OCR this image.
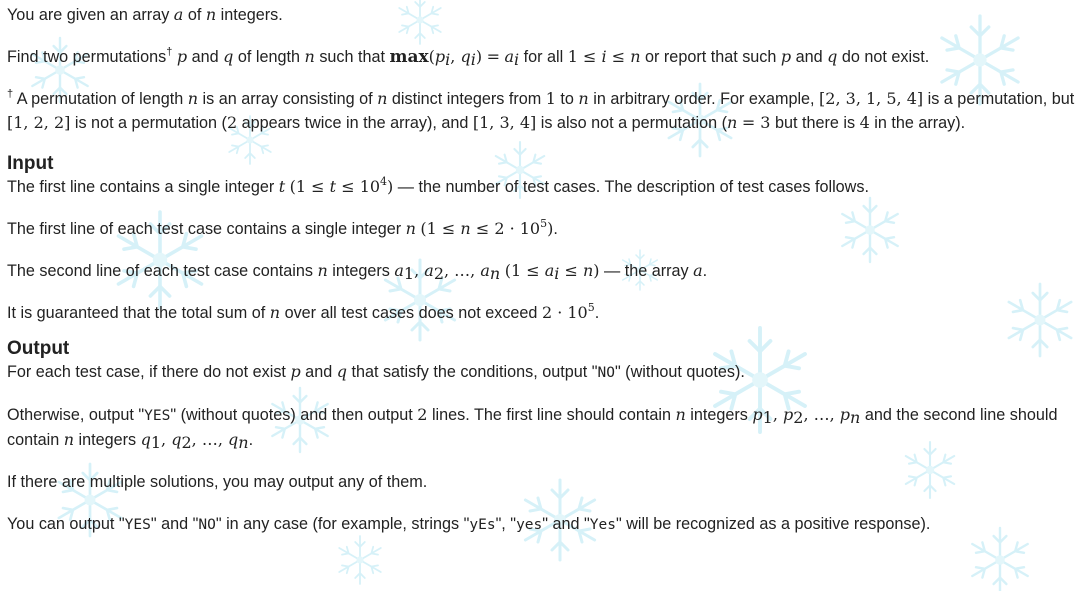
You are given an array a of n integers.

Find two permutations† p and q of length n such that $\max(p_i$, $q_i) = a_i$ for all 1 ≤ i ≤ n or report that such p and q do not exist.

† A permutation of length n is an array consisting of n distinct integers from 1 to n in arbitrary order. For example, [2, 3, 1, 5, 4] is a permutation, but [1, 2, 2] is not a permutation (2 appears twice in the array), and [1, 3, 4] is also not a permutation (n = 3 but there is 4 in the array).

Input

The first line contains a single integer t $(1 \le t \le 10^4)$ — the number of test cases. The description of test cases follows.

The first line of each test case contains a single integer n $(1 \le n \le 2 \cdot 10^5)$.

The second line of each test case contains n integers $a_1$, $a_2$, …, $a_n$ $(1 \le a_i \le n)$ — the array a.

It is guaranteed that the total sum of n over all test cases does not exceed $2 \cdot 10^5$.

Output

For each test case, if there do not exist p and q that satisfy the conditions, output "NO" (without quotes).

Otherwise, output "YES" (without quotes) and then output 2 lines. The first line should contain n integers $p_1$, $p_2$, …, $p_n$ and the second line should contain n integers $q_1$, $q_2$, …, $q_n$.

If there are multiple solutions, you may output any of them.

You can output "YES" and "NO" in any case (for example, strings "yEs", "yes" and "Yes" will be recognized as a positive response).
